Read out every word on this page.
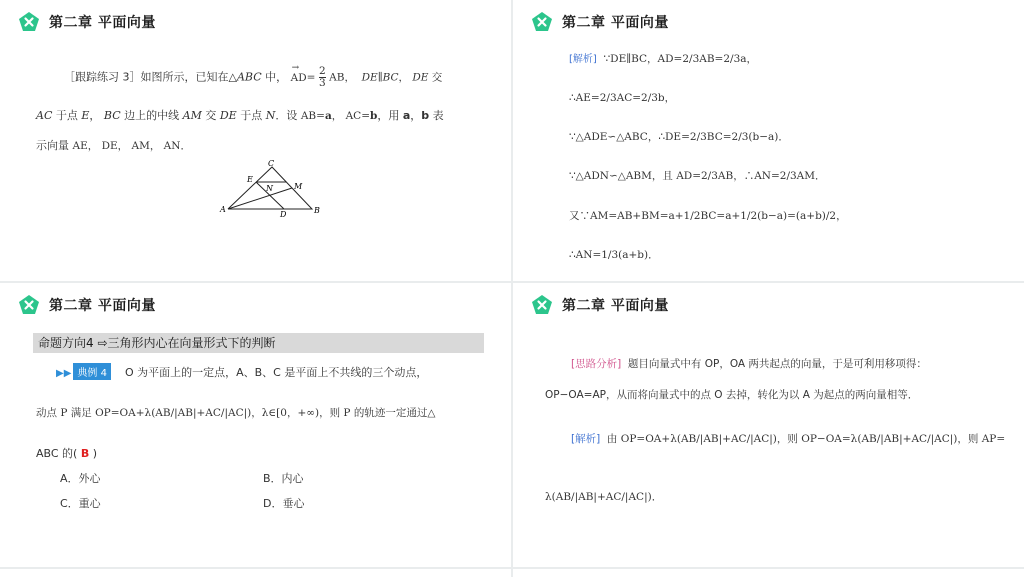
第二章 平面向量
［跟踪练习 3］如图所示，已知在△ABC 中， AD
→
= $\frac{2}{3}$ AB，  DE∥BC， DE 交
AC 于点 E， BC 边上的中线 AM 交 DE 于点 N．设 AB=a， AC=b，用 a，b 表
示向量 AE， DE， AM， AN．
A	B
C
D
E
M
N
第二章 平面向量
[解析] ∵DE∥BC，AD=2/3AB=2/3a，
∴AE=2/3AC=2/3b，
∵△ADE∽△ABC，∴DE=2/3BC=2/3(b−a)．
∵△ADN∽△ABM，且 AD=2/3AB，∴AN=2/3AM．
又∵AM=AB+BM=a+1/2BC=a+1/2(b−a)=(a+b)/2，
∴AN=1/3(a+b)．
第二章 平面向量
命题方向4 ⇨三角形内心在向量形式下的判断
▶▶ 典例 4 O 为平面上的一定点，A、B、C 是平面上不共线的三个动点，
动点 P 满足 OP=OA+λ(AB/|AB|+AC/|AC|)，λ∈[0，+∞)，则 P 的轨迹一定通过△
ABC 的( B )
A．外心	B．内心
C．重心	D．垂心
第二章 平面向量
[思路分析] 题目向量式中有 OP，OA 两共起点的向量，于是可利用移项得：
OP−OA=AP，从而将向量式中的点 O 去掉，转化为以 A 为起点的两向量相等．
[解析] 由 OP=OA+λ(AB/|AB|+AC/|AC|)，则 OP−OA=λ(AB/|AB|+AC/|AC|)，则 AP=
λ(AB/|AB|+AC/|AC|)．
